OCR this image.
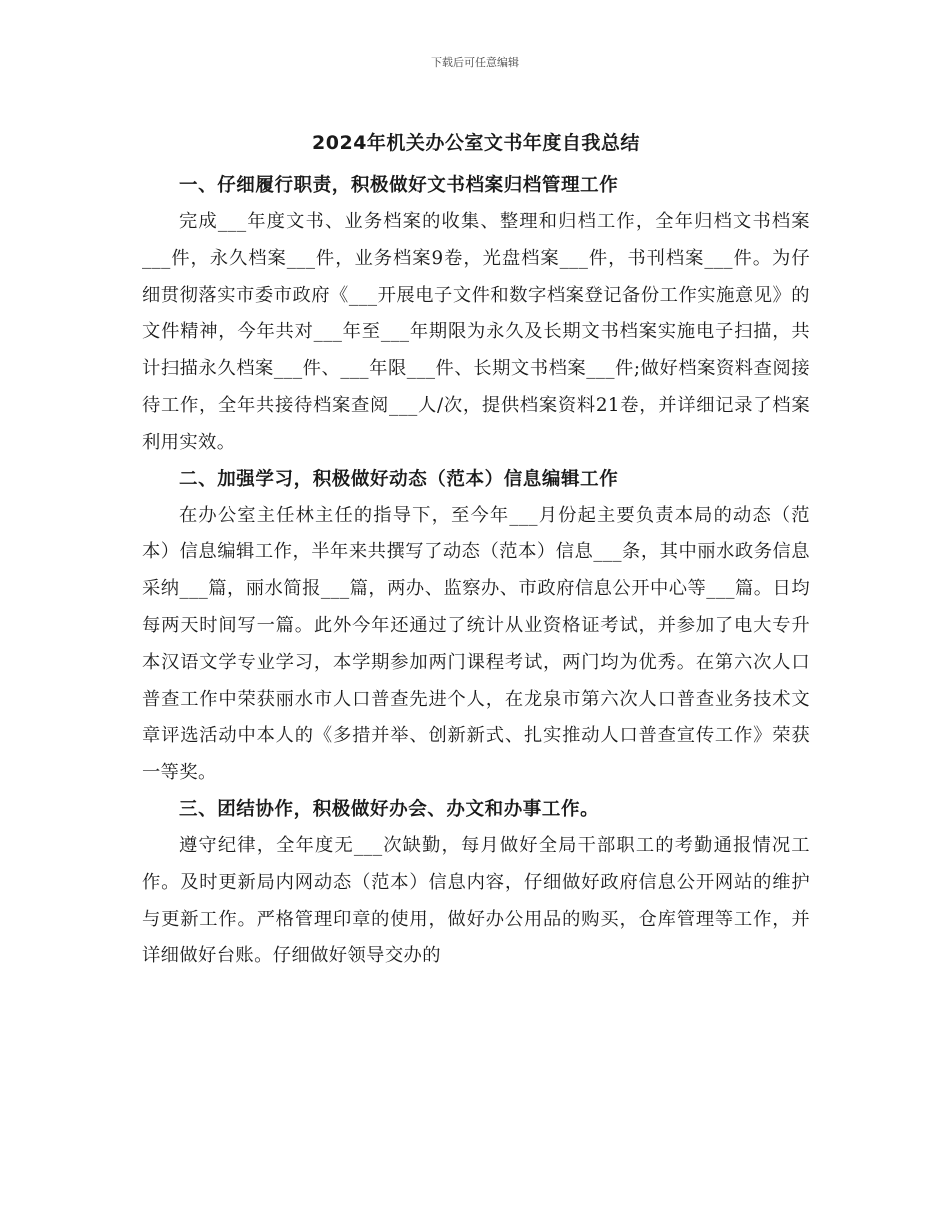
下载后可任意编辑
2024年机关办公室文书年度自我总结
一、仔细履行职责，积极做好文书档案归档管理工作

完成___年度文书、业务档案的收集、整理和归档工作，全年归档文书档案___件，永久档案___件，业务档案9卷，光盘档案___件，书刊档案___件。为仔细贯彻落实市委市政府《___开展电子文件和数字档案登记备份工作实施意见》的文件精神，今年共对___年至___年期限为永久及长期文书档案实施电子扫描，共计扫描永久档案___件、___年限___件、长期文书档案___件;做好档案资料查阅接待工作，全年共接待档案查阅___人/次，提供档案资料21卷，并详细记录了档案利用实效。

二、加强学习，积极做好动态（范本）信息编辑工作

在办公室主任林主任的指导下，至今年___月份起主要负责本局的动态（范本）信息编辑工作，半年来共撰写了动态（范本）信息___条，其中丽水政务信息采纳___篇，丽水简报___篇，两办、监察办、市政府信息公开中心等___篇。日均每两天时间写一篇。此外今年还通过了统计从业资格证考试，并参加了电大专升本汉语文学专业学习，本学期参加两门课程考试，两门均为优秀。在第六次人口普查工作中荣获丽水市人口普查先进个人，在龙泉市第六次人口普查业务技术文章评选活动中本人的《多措并举、创新新式、扎实推动人口普查宣传工作》荣获一等奖。

三、团结协作，积极做好办会、办文和办事工作。

遵守纪律，全年度无___次缺勤，每月做好全局干部职工的考勤通报情况工作。及时更新局内网动态（范本）信息内容，仔细做好政府信息公开网站的维护与更新工作。严格管理印章的使用，做好办公用品的购买，仓库管理等工作，并详细做好台账。仔细做好领导交办的
